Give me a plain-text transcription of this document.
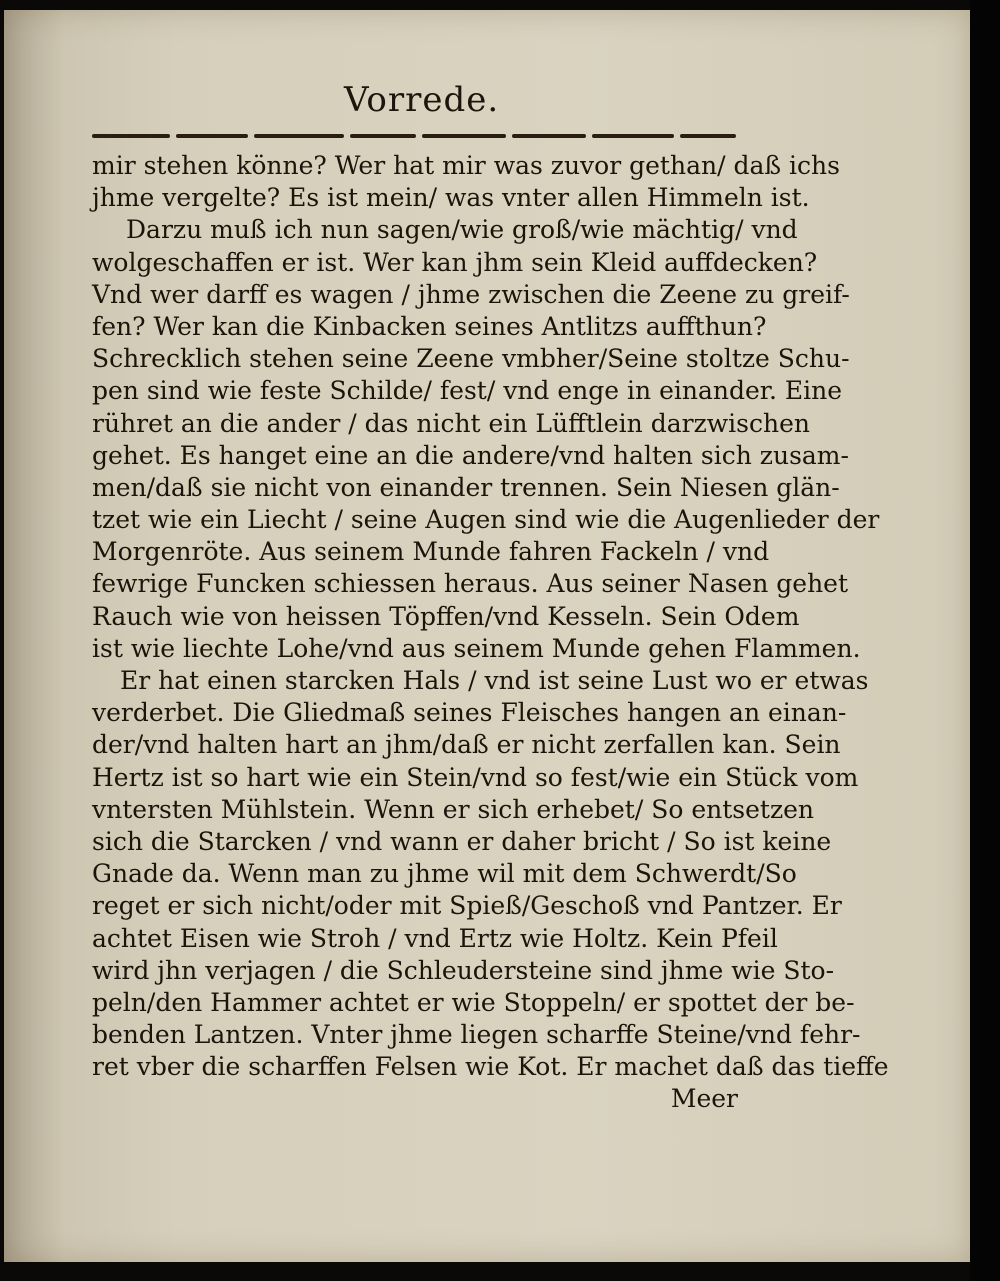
Vorrede.
mir stehen könne? Wer hat mir was zuvor gethan/ daß ichs
jhme vergelte? Es ist mein/ was vnter allen Himmeln ist.
Darzu muß ich nun sagen/wie groß/wie mächtig/ vnd
wolgeschaffen er ist. Wer kan jhm sein Kleid auffdecken?
Vnd wer darff es wagen / jhme zwischen die Zeene zu greif-
fen? Wer kan die Kinbacken seines Antlitzs auffthun?
Schrecklich stehen seine Zeene vmbher/Seine stoltze Schu-
pen sind wie feste Schilde/ fest/ vnd enge in einander. Eine
rühret an die ander / das nicht ein Lüfftlein darzwischen
gehet. Es hanget eine an die andere/vnd halten sich zusam-
men/daß sie nicht von einander trennen. Sein Niesen glän-
tzet wie ein Liecht / seine Augen sind wie die Augenlieder der
Morgenröte. Aus seinem Munde fahren Fackeln / vnd
fewrige Funcken schiessen heraus. Aus seiner Nasen gehet
Rauch wie von heissen Töpffen/vnd Kesseln. Sein Odem
ist wie liechte Lohe/vnd aus seinem Munde gehen Flammen.
Er hat einen starcken Hals / vnd ist seine Lust wo er etwas
verderbet. Die Gliedmaß seines Fleisches hangen an einan-
der/vnd halten hart an jhm/daß er nicht zerfallen kan. Sein
Hertz ist so hart wie ein Stein/vnd so fest/wie ein Stück vom
vntersten Mühlstein. Wenn er sich erhebet/ So entsetzen
sich die Starcken / vnd wann er daher bricht / So ist keine
Gnade da. Wenn man zu jhme wil mit dem Schwerdt/So
reget er sich nicht/oder mit Spieß/Geschoß vnd Pantzer. Er
achtet Eisen wie Stroh / vnd Ertz wie Holtz. Kein Pfeil
wird jhn verjagen / die Schleudersteine sind jhme wie Sto-
peln/den Hammer achtet er wie Stoppeln/ er spottet der be-
benden Lantzen. Vnter jhme liegen scharffe Steine/vnd fehr-
ret vber die scharffen Felsen wie Kot. Er machet daß das tieffe
Meer
